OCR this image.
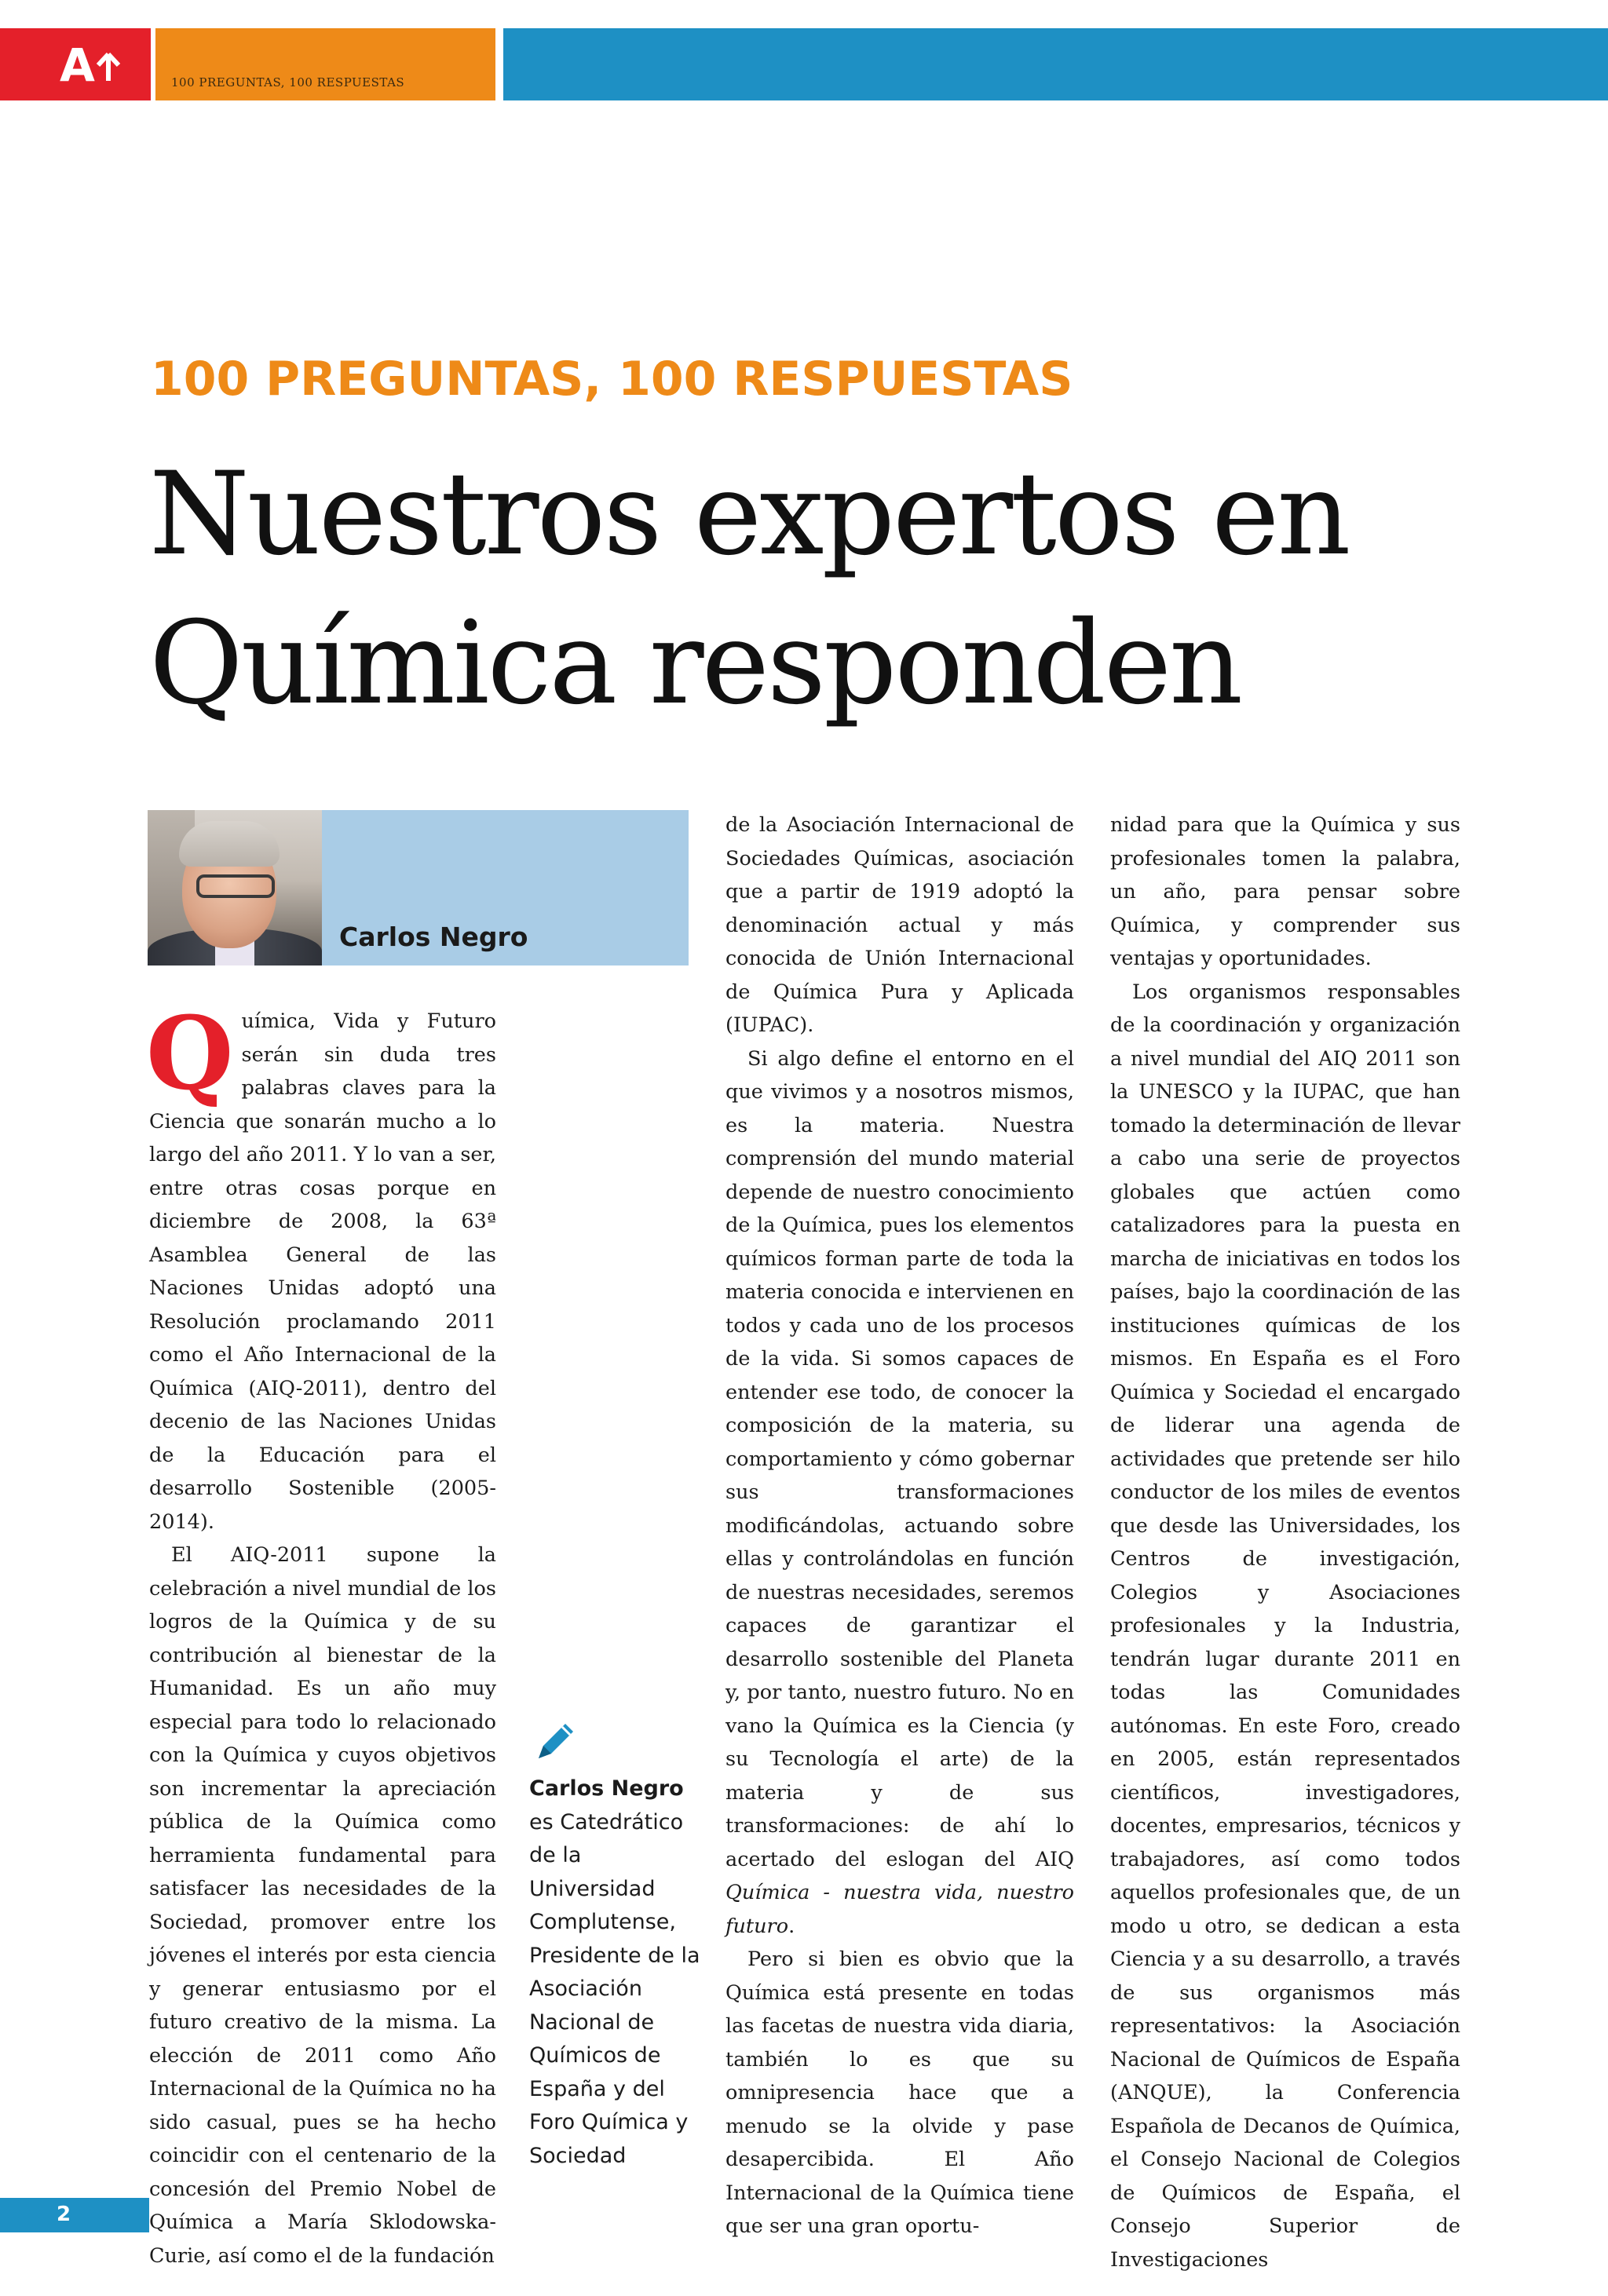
A	100 PREGUNTAS, 100 RESPUESTAS
100 PREGUNTAS, 100 RESPUESTAS
Nuestros expertos en
Química responden
Carlos Negro

Química, Vida y Futuro serán sin duda tres palabras claves para la Ciencia que sonarán mucho a lo largo del año 2011. Y lo van a ser, entre otras cosas porque en diciembre de 2008, la 63ª Asamblea General de las Naciones Unidas adoptó una Resolución proclamando 2011 como el Año Internacional de la Química (AIQ-2011), dentro del decenio de las Naciones Unidas de la Educación para el desarrollo Sostenible (2005-2014).

El AIQ-2011 supone la celebración a nivel mundial de los logros de la Química y de su contribución al bienestar de la Humanidad. Es un año muy especial para todo lo relacionado con la Química y cuyos objetivos son incrementar la apreciación pública de la Química como herramienta fundamental para satisfacer las necesidades de la Sociedad, promover entre los jóvenes el interés por esta ciencia y generar entusiasmo por el futuro creativo de la misma. La elección de 2011 como Año Internacional de la Química no ha sido casual, pues se ha hecho coincidir con el centenario de la concesión del Premio Nobel de Química a María Sklodowska-Curie, así como el de la fundación

de la Asociación Internacional de Sociedades Químicas, asociación que a partir de 1919 adoptó la denominación actual y más conocida de Unión Internacional de Química Pura y Aplicada (IUPAC).

Si algo define el entorno en el que vivimos y a nosotros mismos, es la materia. Nuestra comprensión del mundo material depende de nuestro conocimiento de la Química, pues los elementos químicos forman parte de toda la materia conocida e intervienen en todos y cada uno de los procesos de la vida. Si somos capaces de entender ese todo, de conocer la composición de la materia, su comportamiento y cómo gobernar sus transformaciones modificándolas, actuando sobre ellas y controlándolas en función de nuestras necesidades, seremos capaces de garantizar el desarrollo sostenible del Planeta y, por tanto, nuestro futuro. No en vano la Química es la Ciencia (y su Tecnología el arte) de la materia y de sus transformaciones: de ahí lo acertado del eslogan del AIQ Química - nuestra vida, nuestro futuro.

Pero si bien es obvio que la Química está presente en todas las facetas de nuestra vida diaria, también lo es que su omnipresencia hace que a menudo se la olvide y pase desapercibida. El Año Internacional de la Química tiene que ser una gran oportu-

nidad para que la Química y sus profesionales tomen la palabra, un año, para pensar sobre Química, y comprender sus ventajas y oportunidades.

Los organismos responsables de la coordinación y organización a nivel mundial del AIQ 2011 son la UNESCO y la IUPAC, que han tomado la determinación de llevar a cabo una serie de proyectos globales que actúen como catalizadores para la puesta en marcha de iniciativas en todos los países, bajo la coordinación de las instituciones químicas de los mismos. En España es el Foro Química y Sociedad el encargado de liderar una agenda de actividades que pretende ser hilo conductor de los miles de eventos que desde las Universidades, los Centros de investigación, Colegios y Asociaciones profesionales y la Industria, tendrán lugar durante 2011 en todas las Comunidades autónomas. En este Foro, creado en 2005, están representados científicos, investigadores, docentes, empresarios, técnicos y trabajadores, así como todos aquellos profesionales que, de un modo u otro, se dedican a esta Ciencia y a su desarrollo, a través de sus organismos más representativos: la Asociación Nacional de Químicos de España (ANQUE), la Conferencia Española de Decanos de Química, el Consejo Nacional de Colegios de Químicos de España, el Consejo Superior de Investigaciones

Carlos Negro
es Catedrático de la Universidad Complutense, Presidente de la Asociación Nacional de Químicos de España y del Foro Química y Sociedad
2
